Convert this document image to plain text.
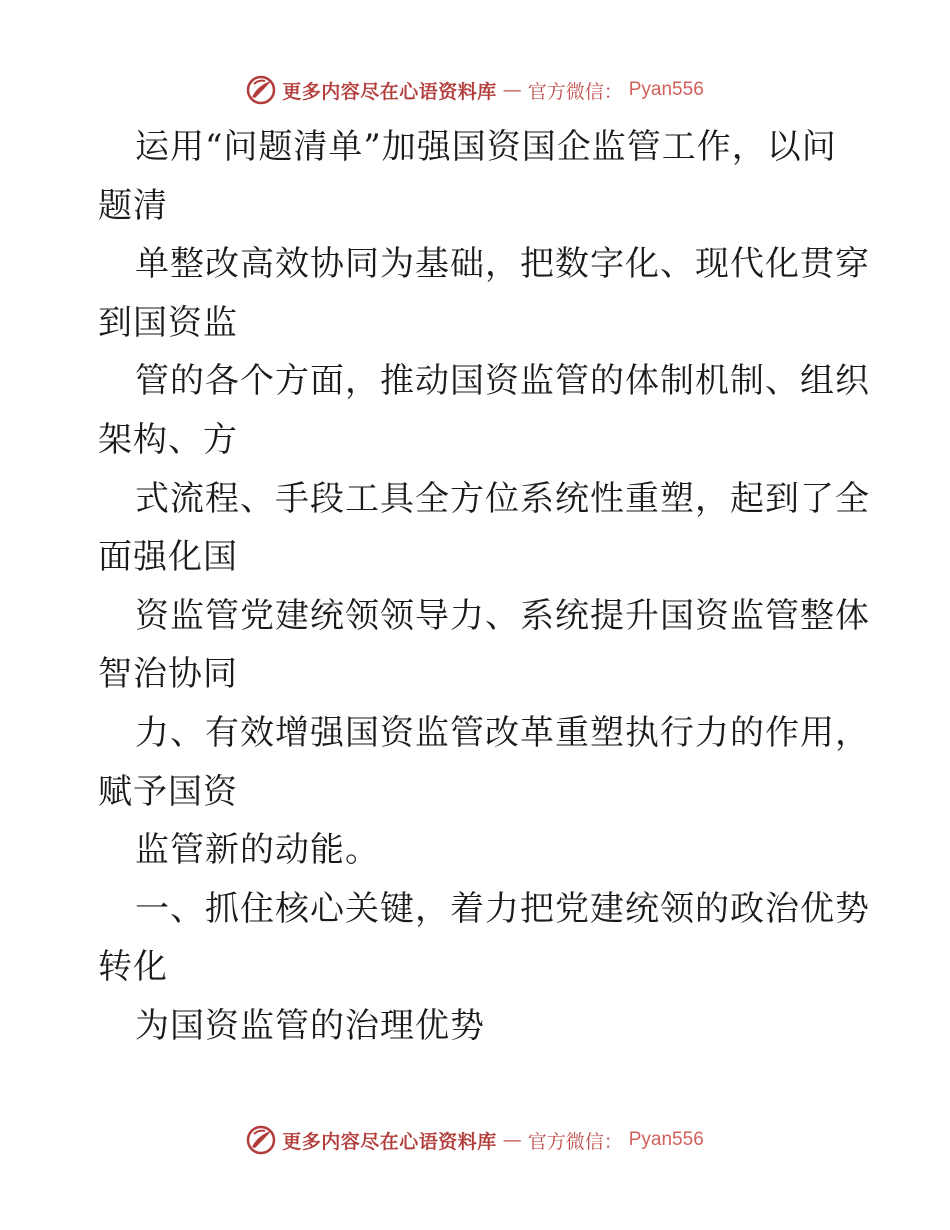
更多内容尽在心语资料库 — 官方微信： Pyan556
运用“问题清单”加强国资国企监管工作，以问
题清
单整改高效协同为基础，把数字化、现代化贯穿
到国资监
管的各个方面，推动国资监管的体制机制、组织
架构、方
式流程、手段工具全方位系统性重塑，起到了全
面强化国
资监管党建统领领导力、系统提升国资监管整体
智治协同
力、有效增强国资监管改革重塑执行力的作用，
赋予国资
监管新的动能。
一、抓住核心关键，着力把党建统领的政治优势
转化
为国资监管的治理优势
更多内容尽在心语资料库 — 官方微信： Pyan556
